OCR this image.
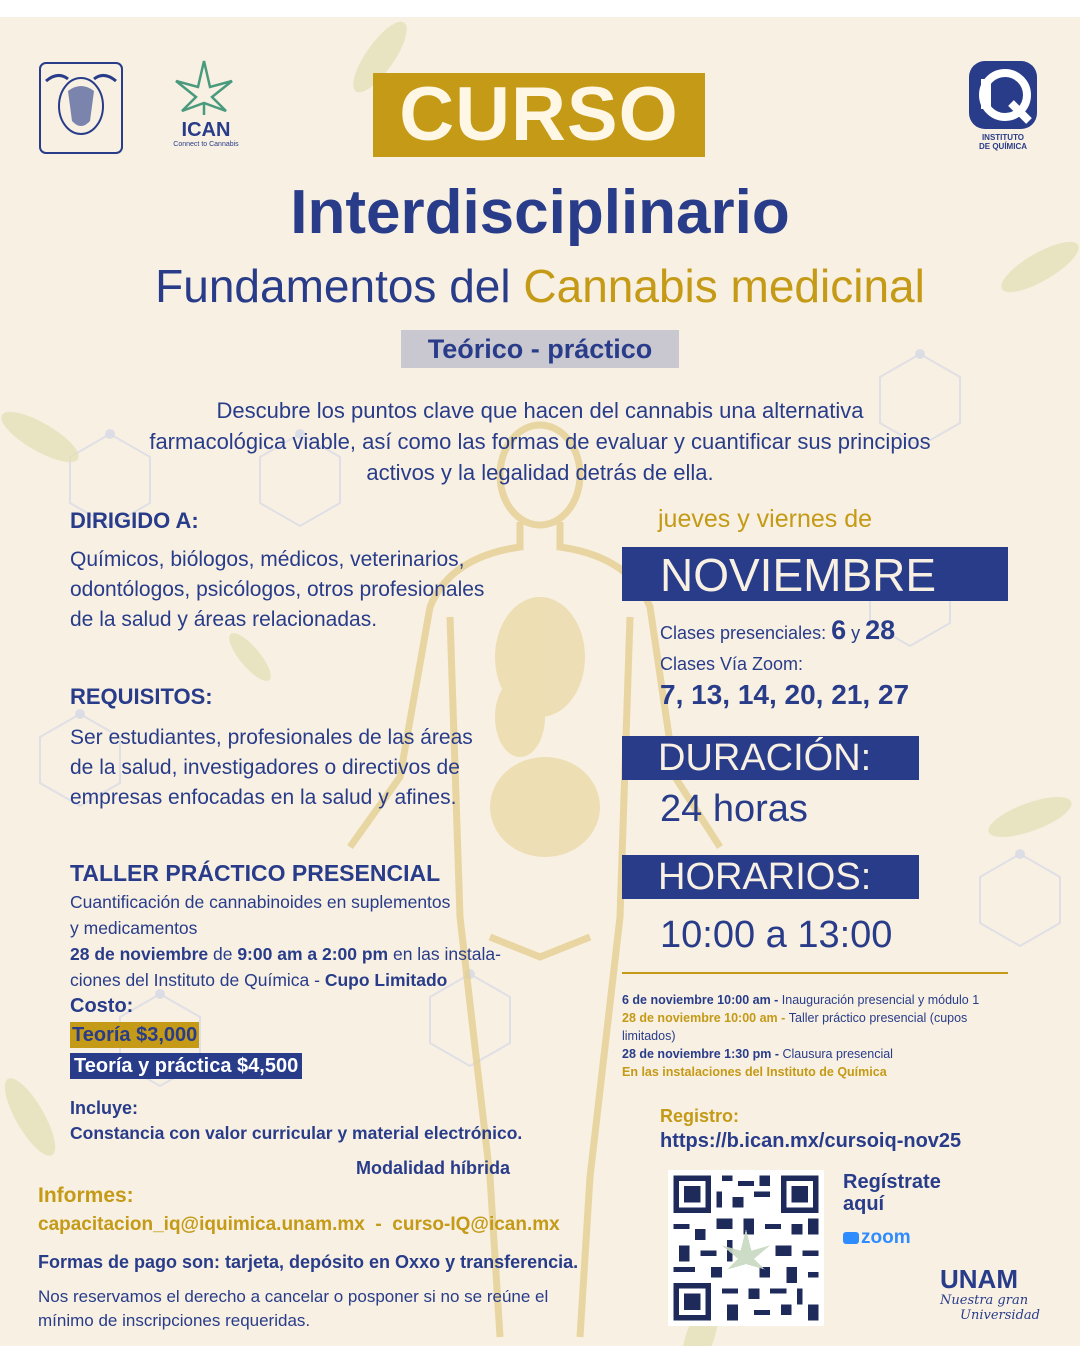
ICAN
Connect to Cannabis
INSTITUTO
DE QUÍMICA
CURSO
Interdisciplinario
Fundamentos del Cannabis medicinal
Teórico - práctico
Descubre los puntos clave que hacen del cannabis una alternativa
farmacológica viable, así como las formas de evaluar y cuantificar sus principios
activos y la legalidad detrás de ella.
DIRIGIDO A:
Químicos, biólogos, médicos, veterinarios,
odontólogos, psicólogos, otros profesionales
de la salud y áreas relacionadas.
REQUISITOS:
Ser estudiantes, profesionales de las áreas
de la salud, investigadores o directivos de
empresas enfocadas en la salud y afines.
TALLER PRÁCTICO PRESENCIAL
Cuantificación de cannabinoides en suplementos
y medicamentos
28 de noviembre de 9:00 am a 2:00 pm en las instala-
ciones del Instituto de Química - Cupo Limitado
Costo:
Teoría $3,000
Teoría y práctica $4,500
Incluye:
Constancia con valor curricular y material electrónico.
Modalidad híbrida
Informes:
capacitacion_iq@iquimica.unam.mx  -  curso-IQ@ican.mx
Formas de pago son: tarjeta, depósito en Oxxo y transferencia.
Nos reservamos el derecho a cancelar o posponer si no se reúne el
mínimo de inscripciones requeridas.
jueves y viernes de
NOVIEMBRE
Clases presenciales: 6 y 28
Clases Vía Zoom:
7, 13, 14, 20, 21, 27
DURACIÓN:
24 horas
HORARIOS:
10:00 a 13:00
6 de noviembre 10:00 am - Inauguración presencial y módulo 1
28 de noviembre 10:00 am - Taller práctico presencial (cupos
limitados)
28 de noviembre 1:30 pm - Clausura presencial
En las instalaciones del Instituto de Química
Registro:
https://b.ican.mx/cursoiq-nov25
Regístrate
aquí
zoom
UNAM
Nuestra gran
Universidad
